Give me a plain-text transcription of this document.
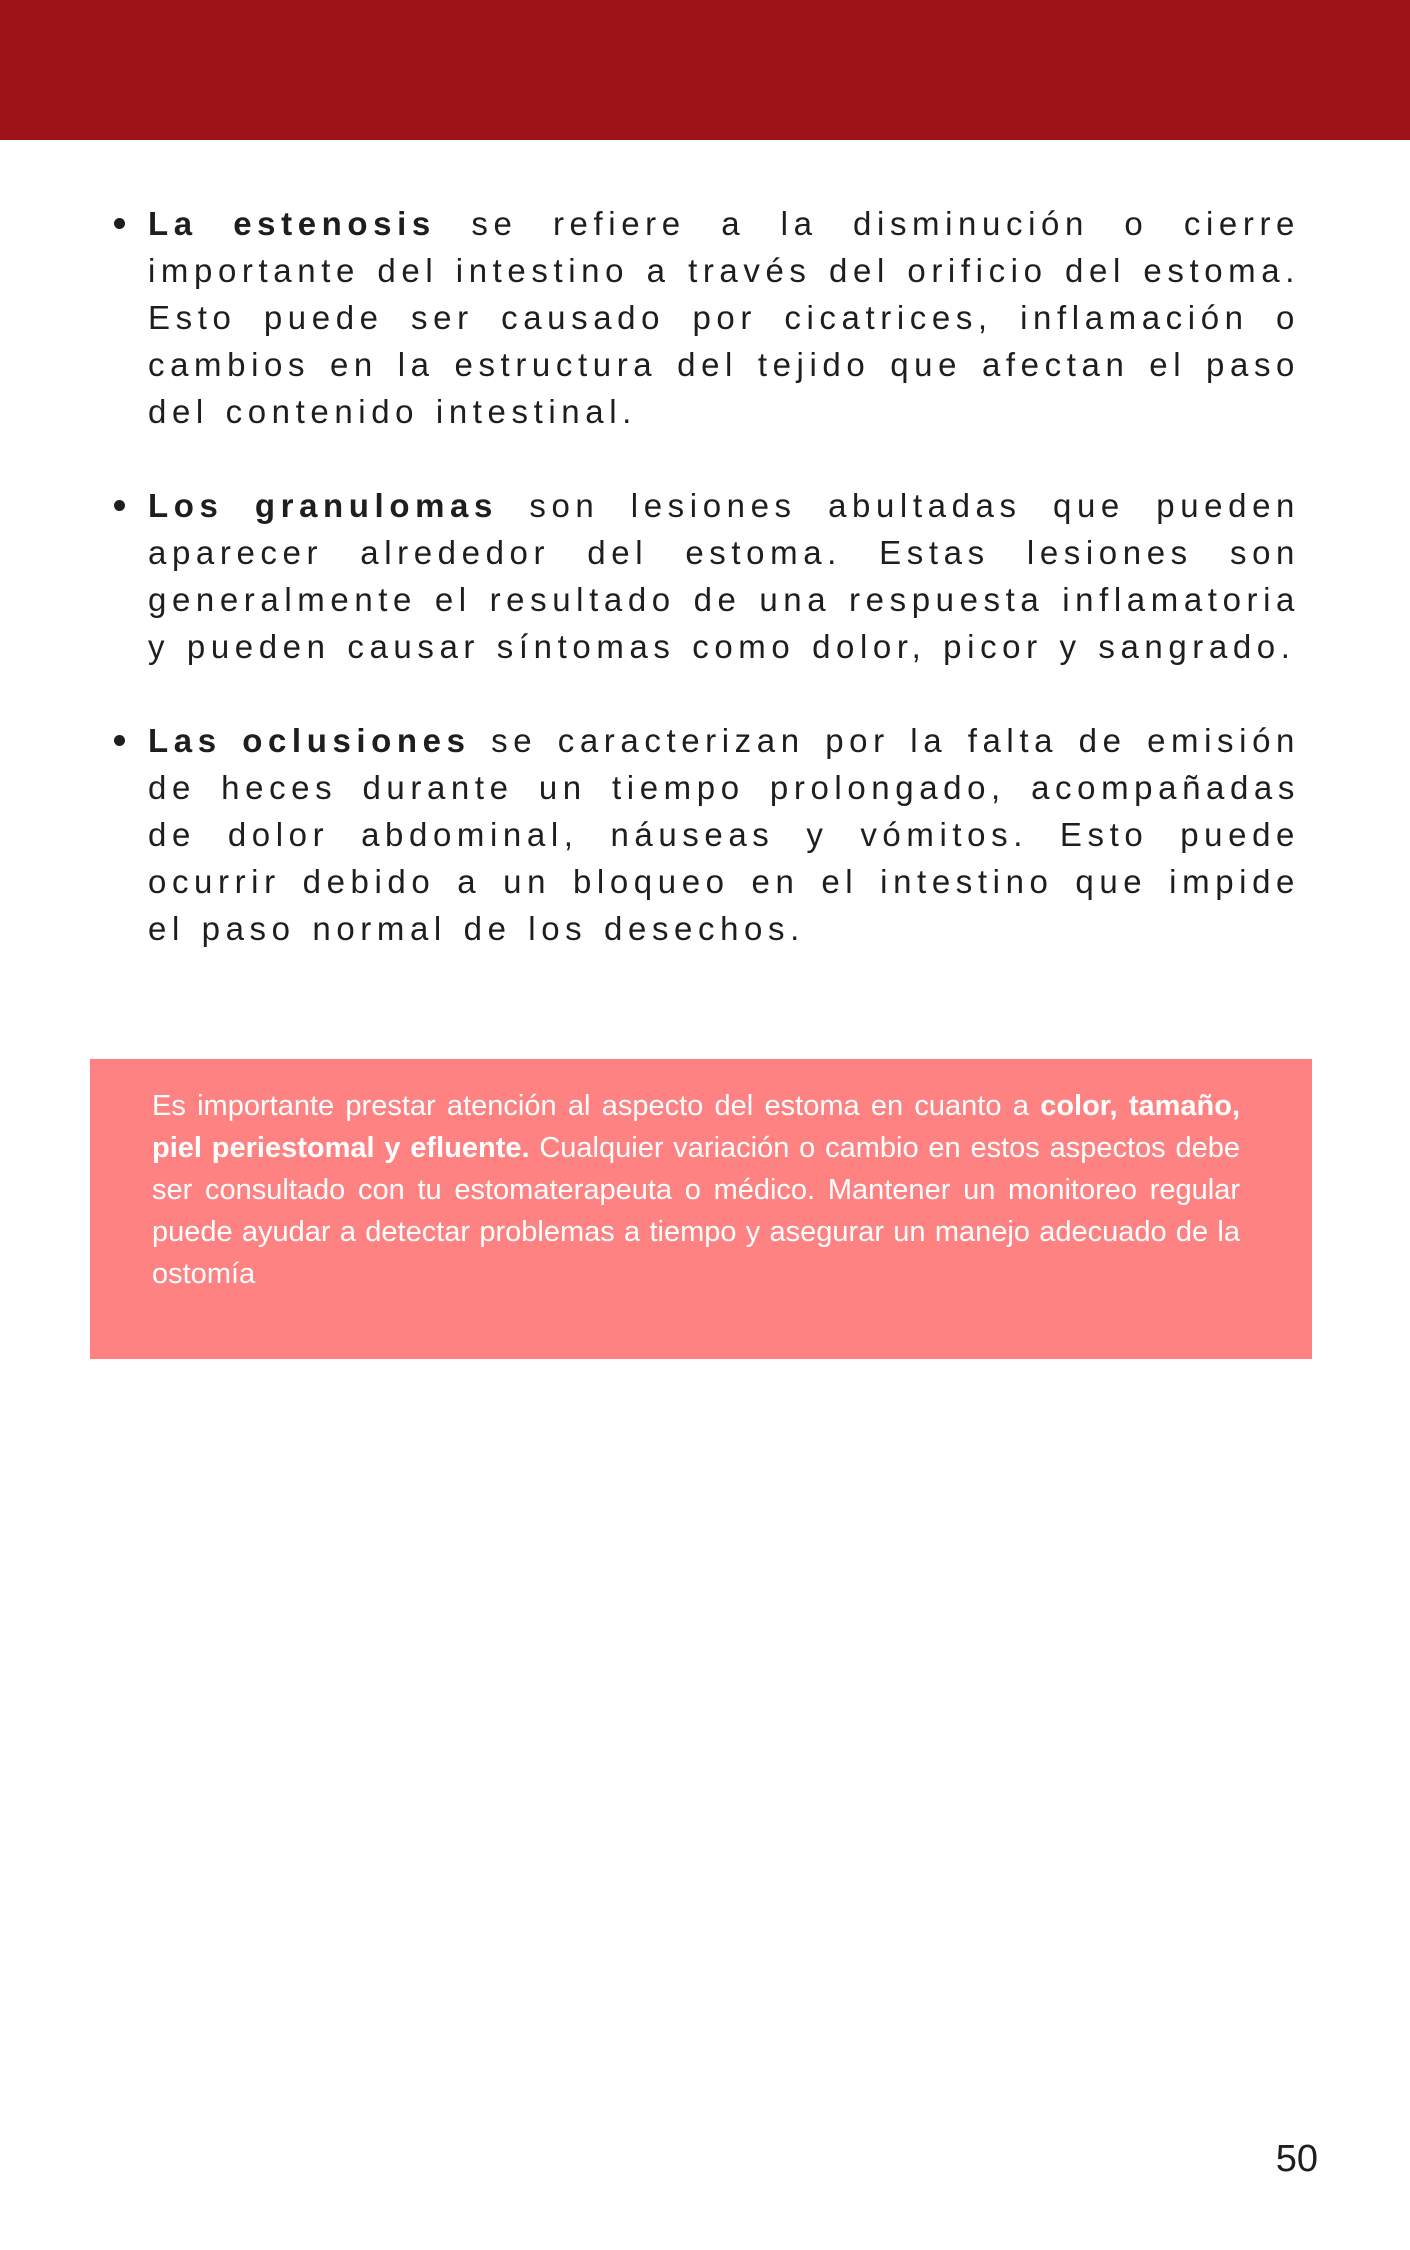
La estenosis se refiere a la disminución o cierre importante del intestino a través del orificio del estoma. Esto puede ser causado por cicatrices, inflamación o cambios en la estructura del tejido que afectan el paso del contenido intestinal.
Los granulomas son lesiones abultadas que pueden aparecer alrededor del estoma. Estas lesiones son generalmente el resultado de una respuesta inflamatoria y pueden causar síntomas como dolor, picor y sangrado.
Las oclusiones se caracterizan por la falta de emisión de heces durante un tiempo prolongado, acompañadas de dolor abdominal, náuseas y vómitos. Esto puede ocurrir debido a un bloqueo en el intestino que impide el paso normal de los desechos.

Es importante prestar atención al aspecto del estoma en cuanto a color, tamaño, piel periestomal y efluente. Cualquier variación o cambio en estos aspectos debe ser consultado con tu estomaterapeuta o médico. Mantener un monitoreo regular puede ayudar a detectar problemas a tiempo y asegurar un manejo adecuado de la ostomía

50
